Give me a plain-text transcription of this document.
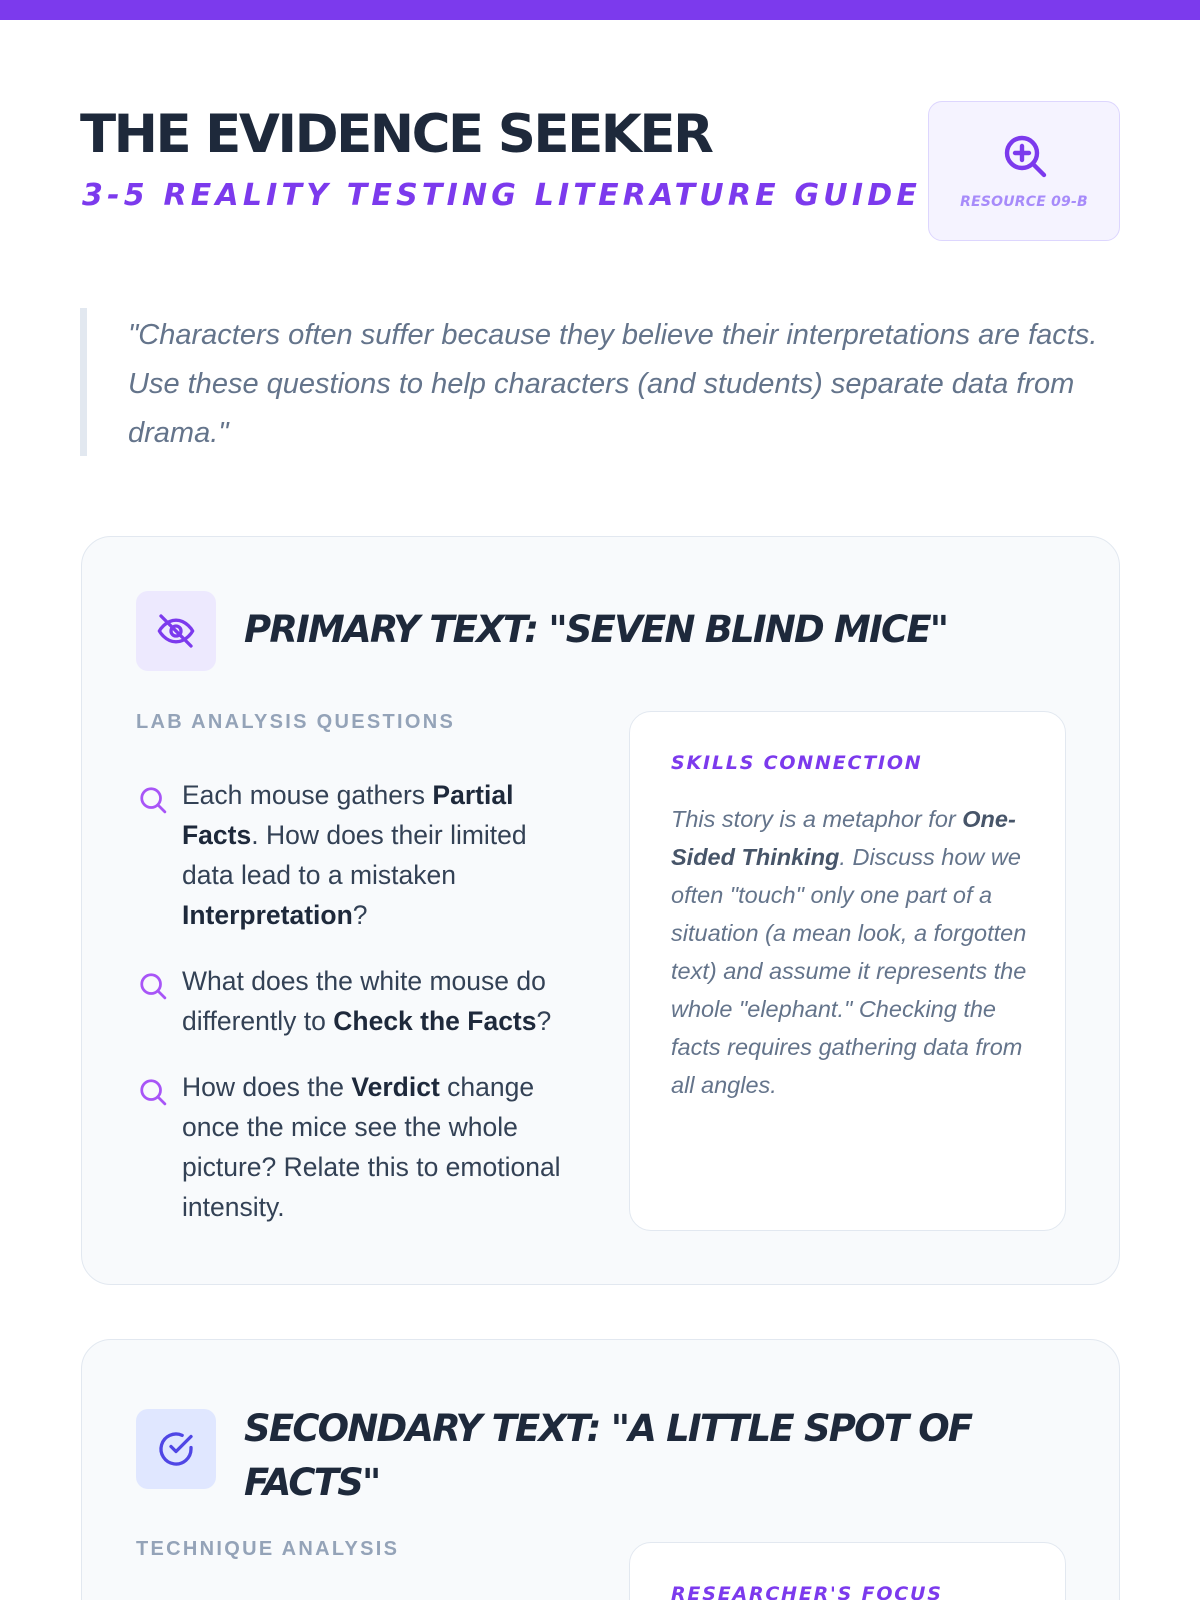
THE EVIDENCE SEEKER
3-5 REALITY TESTING LITERATURE GUIDE	RESOURCE 09-B

"Characters often suffer because they believe their interpretations are facts. Use these questions to help characters (and students) separate data from drama."

PRIMARY TEXT: "SEVEN BLIND MICE"
LAB ANALYSIS QUESTIONS
Each mouse gathers Partial Facts. How does their limited data lead to a mistaken Interpretation?
What does the white mouse do differently to Check the Facts?
How does the Verdict change once the mice see the whole picture? Relate this to emotional intensity.
SKILLS CONNECTION

This story is a metaphor for One-Sided Thinking. Discuss how we often "touch" only one part of a situation (a mean look, a forgotten text) and assume it represents the whole "elephant." Checking the facts requires gathering data from all angles.

SECONDARY TEXT: "A LITTLE SPOT OF FACTS"
TECHNIQUE ANALYSIS
RESEARCHER'S FOCUS
